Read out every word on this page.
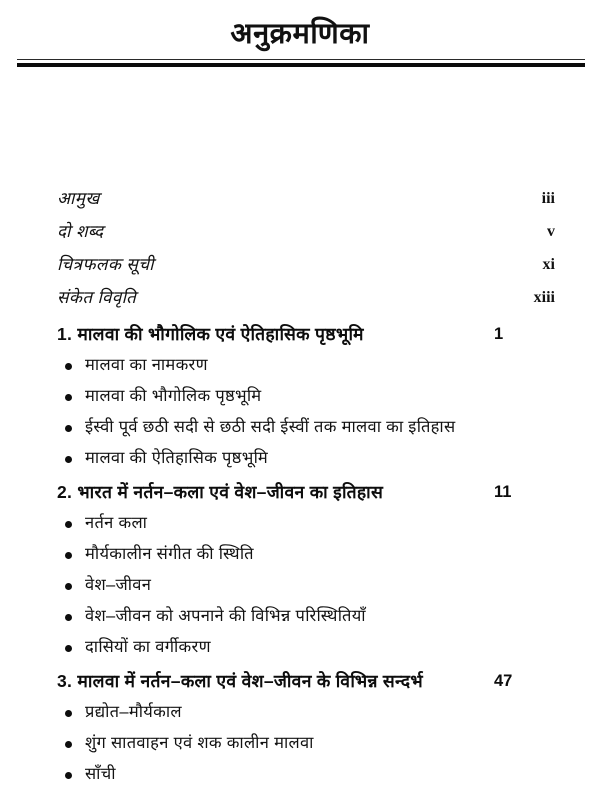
अनुक्रमणिका
आमुख	iii
दो शब्द	v
चित्रफलक सूची	xi
संकेत विवृति	xiii
1. मालवा की भौगोलिक एवं ऐतिहासिक पृष्ठभूमि	1
मालवा का नामकरण
मालवा की भौगोलिक पृष्ठभूमि
ईस्वी पूर्व छठी सदी से छठी सदी ईस्वीं तक मालवा का इतिहास
मालवा की ऐतिहासिक पृष्ठभूमि
2. भारत में नर्तन–कला एवं वेश–जीवन का इतिहास	11
नर्तन कला
मौर्यकालीन संगीत की स्थिति
वेश–जीवन
वेश–जीवन को अपनाने की विभिन्न परिस्थितियाँ
दासियों का वर्गीकरण
3. मालवा में नर्तन–कला एवं वेश–जीवन के विभिन्न सन्दर्भ	47
प्रद्योत–मौर्यकाल
शुंग सातवाहन एवं शक कालीन मालवा
साँची
